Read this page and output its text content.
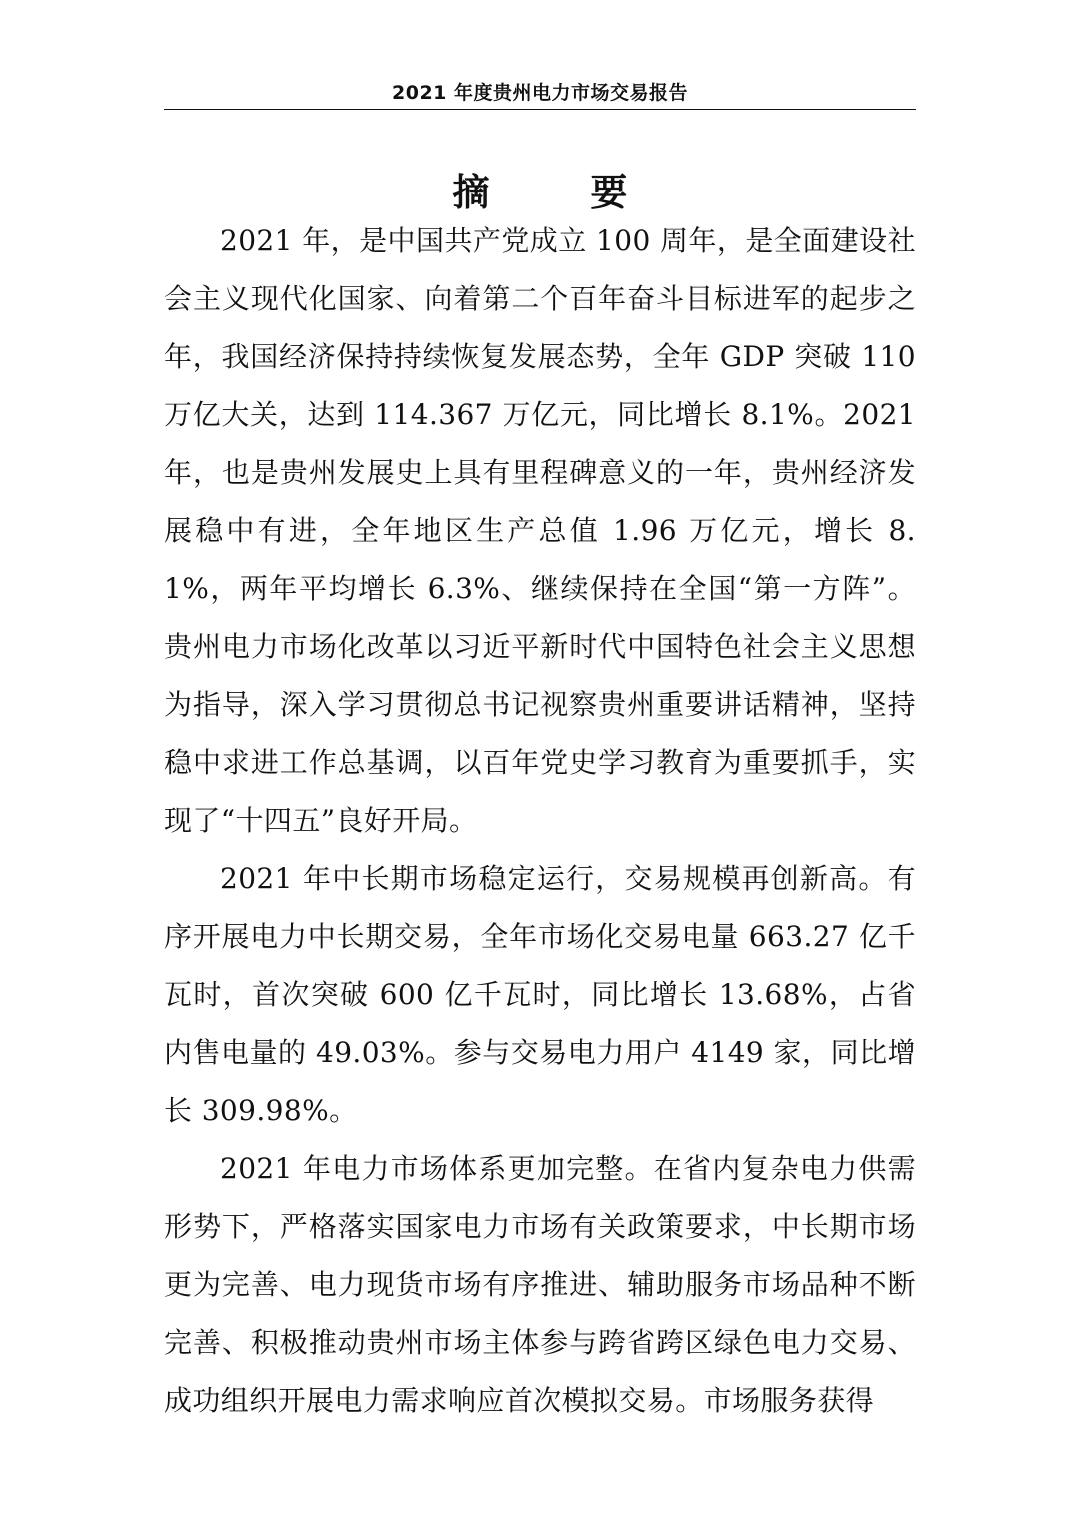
2021 年度贵州电力市场交易报告
摘 要

2021 年，是中国共产党成立 100 周年，是全面建设社会主义现代化国家、向着第二个百年奋斗目标进军的起步之年，我国经济保持持续恢复发展态势，全年 GDP 突破 110 万亿大关，达到 114.367 万亿元，同比增长 8.1%。2021 年，也是贵州发展史上具有里程碑意义的一年，贵州经济发展稳中有进，全年地区生产总值 1.96 万亿元，增长 8.1%，两年平均增长 6.3%、继续保持在全国“第一方阵”。贵州电力市场化改革以习近平新时代中国特色社会主义思想为指导，深入学习贯彻总书记视察贵州重要讲话精神，坚持稳中求进工作总基调，以百年党史学习教育为重要抓手，实现了“十四五”良好开局。

2021 年中长期市场稳定运行，交易规模再创新高。有序开展电力中长期交易，全年市场化交易电量 663.27 亿千瓦时，首次突破 600 亿千瓦时，同比增长 13.68%，占省内售电量的 49.03%。参与交易电力用户 4149 家，同比增长 309.98%。

2021 年电力市场体系更加完整。在省内复杂电力供需形势下，严格落实国家电力市场有关政策要求，中长期市场更为完善、电力现货市场有序推进、辅助服务市场品种不断完善、积极推动贵州市场主体参与跨省跨区绿色电力交易、成功组织开展电力需求响应首次模拟交易。市场服务获得
